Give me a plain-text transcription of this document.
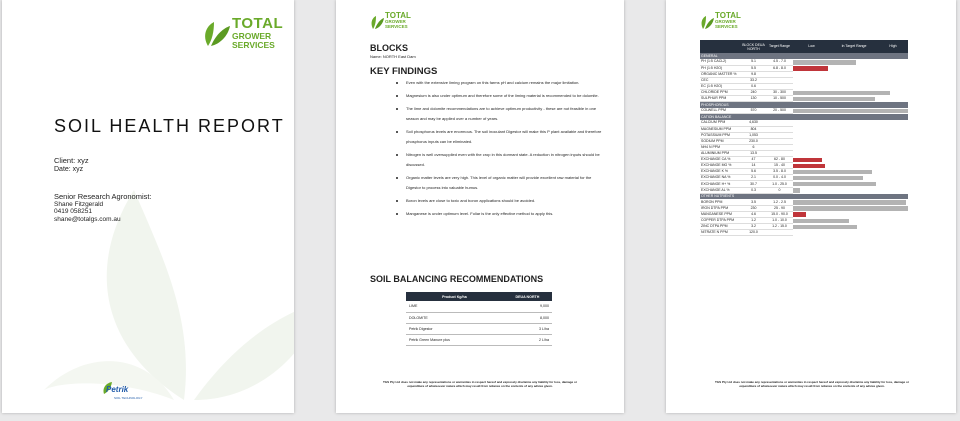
TOTAL
GROWER
SERVICES
SOIL HEALTH REPORT
Client: xyz
Date: xyz
Senior Research Agronomist:
Shane Fitzgerald
0419 058251
shane@totalgs.com.au
Petrik
SOIL TECHNOLOGY
TOTAL
GROWER
SERVICES
BLOCKS
Name: NORTH East Dam
KEY FINDINGS
Even with the extensive liming program on this farms pH and calcium remains the major limitation.
Magnesium is also under optimum and therefore some of the liming material is recommended to be dolomite.
The lime and dolomite recommendations are to achieve optimum productivity - these are not feasible in one season and may be applied over a number of years.
Soil phosphorus levels are enormous. The soil inoculant Digestor will make this P plant available and therefore phosphorus inputs can be eliminated.
Nitrogen is well oversupplied even with the crop in this dormant state. A reduction in nitrogen inputs should be discussed.
Organic matter levels are very high. This level of organic matter will provide excellent raw material for the Digestor to process into valuable humus.
Boron levels are close to toxic and boron applications should be avoided.
Manganese is under optimum level. Foliar is the only effective method to apply this.
SOIL BALANCING RECOMMENDATIONS
Product Kg/ha	DEUA NORTH
LIME	9,000
DOLOMITE	8,000
Petrik Digestor	3 L/ha
Petrik Green Manure plus	2 L/ha
TGS Pty Ltd does not make any representations or warranties in respect hereof and expressly disclaims any liability for loss, damage or
expenditure of whatsoever nature which may result from reliance on the contents of any advice given.
TOTAL
GROWER
SERVICES
	BLOCK DEUA NORTH	Target Range	Low	In Target Range	High
GENERAL					
PH (1:5 CACL2)	5.1	4.5 - 7.0			

PH (1:5 H2O)	5.5	6.8 - 8.0			

ORGANIC MATTER %	9.8				
CEC	33.2				
EC (1:5 H2O)	0.6				
CHLORIDE PPM	240	30 - 300			

SULPHUR PPM	130	10 - 500			

PHOSPHOROUS					
COLWELL PPM	570	20 - 500			

CATION BALANCE					
CALCIUM PPM	4,630				
MAGNESIUM PPM	804				
POTASSIUM PPM	1,053				
SODIUM PPM	230.0				
NH4 N PPM	6				
ALUMINIUM PPM	13.5				
EXCHANGE CA %	47	62 - 80			

EXCHANGE MG %	14	15 - 40			

EXCHANGE K %	5.6	3.5 - 8.0			

EXCHANGE NA %	2.1	0.0 - 4.0			

EXCHANGE H+ %	30.7	1.0 - 25.0			

EXCHANGE AL %	0.3	0			

OTHER NUTRIENTS					
BORON PPM	3.5	1.2 - 2.5			

IRON DTPA PPM	230	25 - 90			

MANGANESE PPM	4.6	15.0 - 90.0			

COPPER DTPA PPM	1.2	1.0 - 10.0			

ZINC DTPA PPM	3.2	1.2 - 15.0			

NITRATE N PPM	120.0				
TGS Pty Ltd does not make any representations or warranties in respect hereof and expressly disclaims any liability for loss, damage or
expenditure of whatsoever nature which may result from reliance on the contents of any advice given.
